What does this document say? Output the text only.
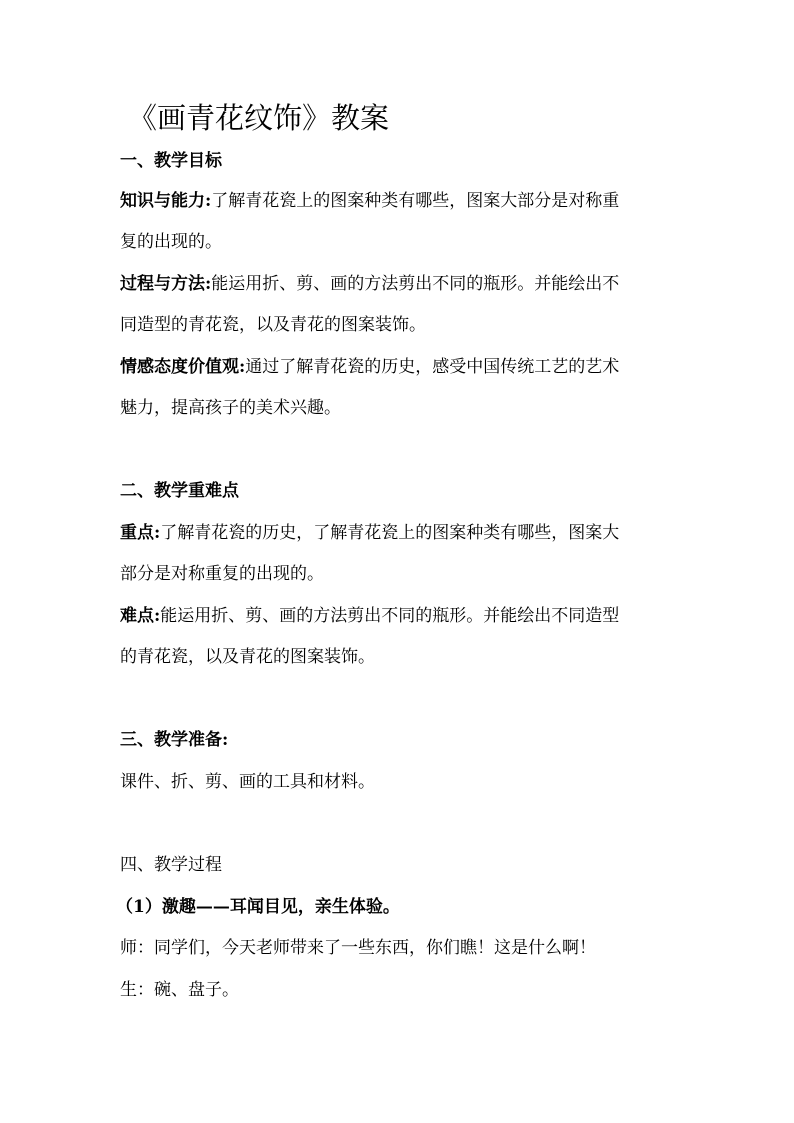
《画青花纹饰》教案
一、教学目标
知识与能力:了解青花瓷上的图案种类有哪些，图案大部分是对称重
复的出现的。
过程与方法:能运用折、剪、画的方法剪出不同的瓶形。并能绘出不
同造型的青花瓷，以及青花的图案装饰。
情感态度价值观:通过了解青花瓷的历史，感受中国传统工艺的艺术
魅力，提高孩子的美术兴趣。
二、教学重难点
重点:了解青花瓷的历史，了解青花瓷上的图案种类有哪些，图案大
部分是对称重复的出现的。
难点:能运用折、剪、画的方法剪出不同的瓶形。并能绘出不同造型
的青花瓷，以及青花的图案装饰。
三、教学准备:
课件、折、剪、画的工具和材料。
四、教学过程
（1）激趣——耳闻目见，亲生体验。
师：同学们，今天老师带来了一些东西，你们瞧！这是什么啊！
生：碗、盘子。
